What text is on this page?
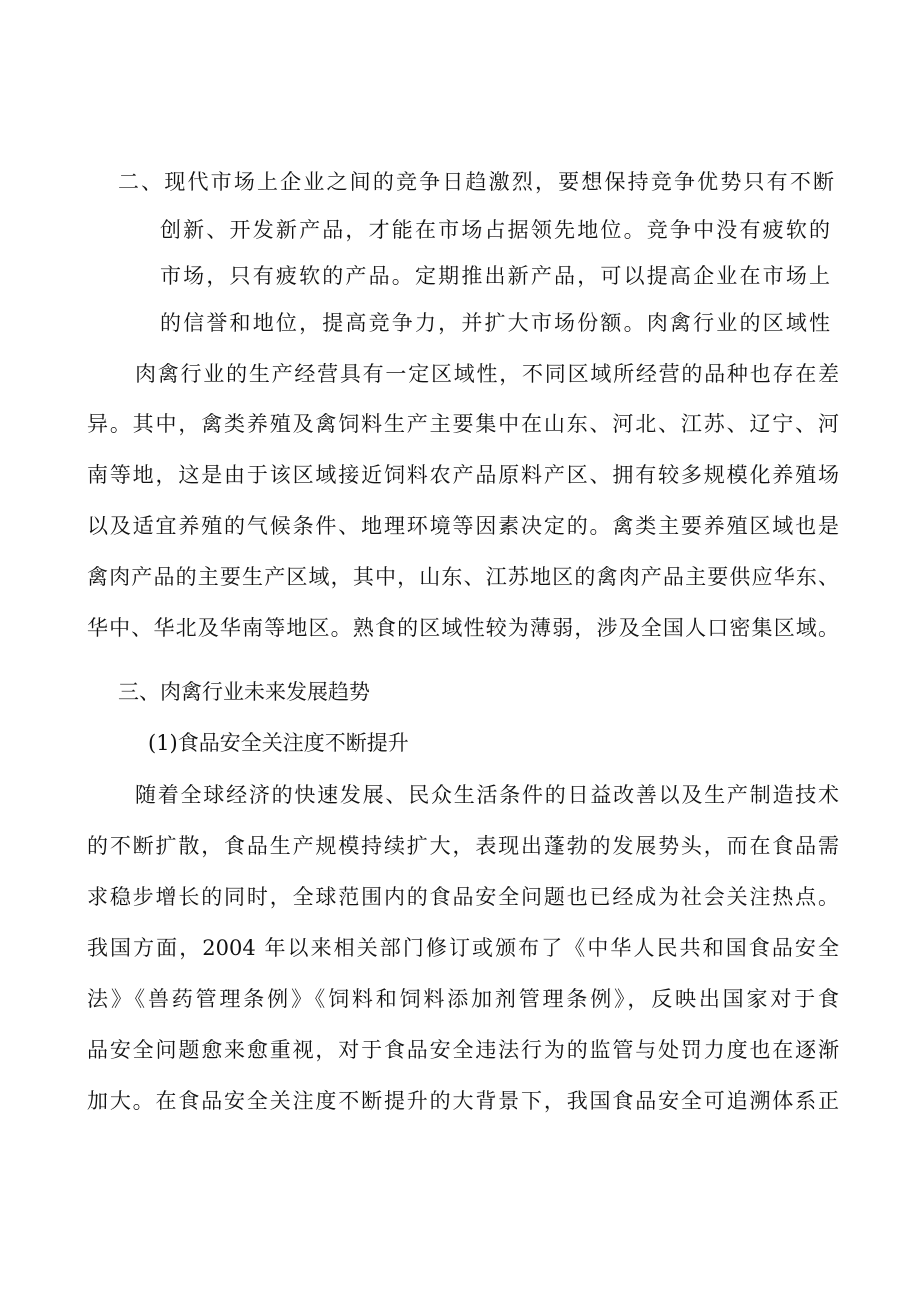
二、现代市场上企业之间的竞争日趋激烈，要想保持竞争优势只有不断

创新、开发新产品，才能在市场占据领先地位。竞争中没有疲软的

市场，只有疲软的产品。定期推出新产品，可以提高企业在市场上

的信誉和地位，提高竞争力，并扩大市场份额。肉禽行业的区域性

肉禽行业的生产经营具有一定区域性，不同区域所经营的品种也存在差

异。其中，禽类养殖及禽饲料生产主要集中在山东、河北、江苏、辽宁、河

南等地，这是由于该区域接近饲料农产品原料产区、拥有较多规模化养殖场

以及适宜养殖的气候条件、地理环境等因素决定的。禽类主要养殖区域也是

禽肉产品的主要生产区域，其中，山东、江苏地区的禽肉产品主要供应华东、

华中、华北及华南等地区。熟食的区域性较为薄弱，涉及全国人口密集区域。

三、肉禽行业未来发展趋势
(1)食品安全关注度不断提升

随着全球经济的快速发展、民众生活条件的日益改善以及生产制造技术

的不断扩散，食品生产规模持续扩大，表现出蓬勃的发展势头，而在食品需

求稳步增长的同时，全球范围内的食品安全问题也已经成为社会关注热点。

我国方面，2004 年以来相关部门修订或颁布了《中华人民共和国食品安全

法》《兽药管理条例》《饲料和饲料添加剂管理条例》，反映出国家对于食

品安全问题愈来愈重视，对于食品安全违法行为的监管与处罚力度也在逐渐

加大。在食品安全关注度不断提升的大背景下，我国食品安全可追溯体系正
